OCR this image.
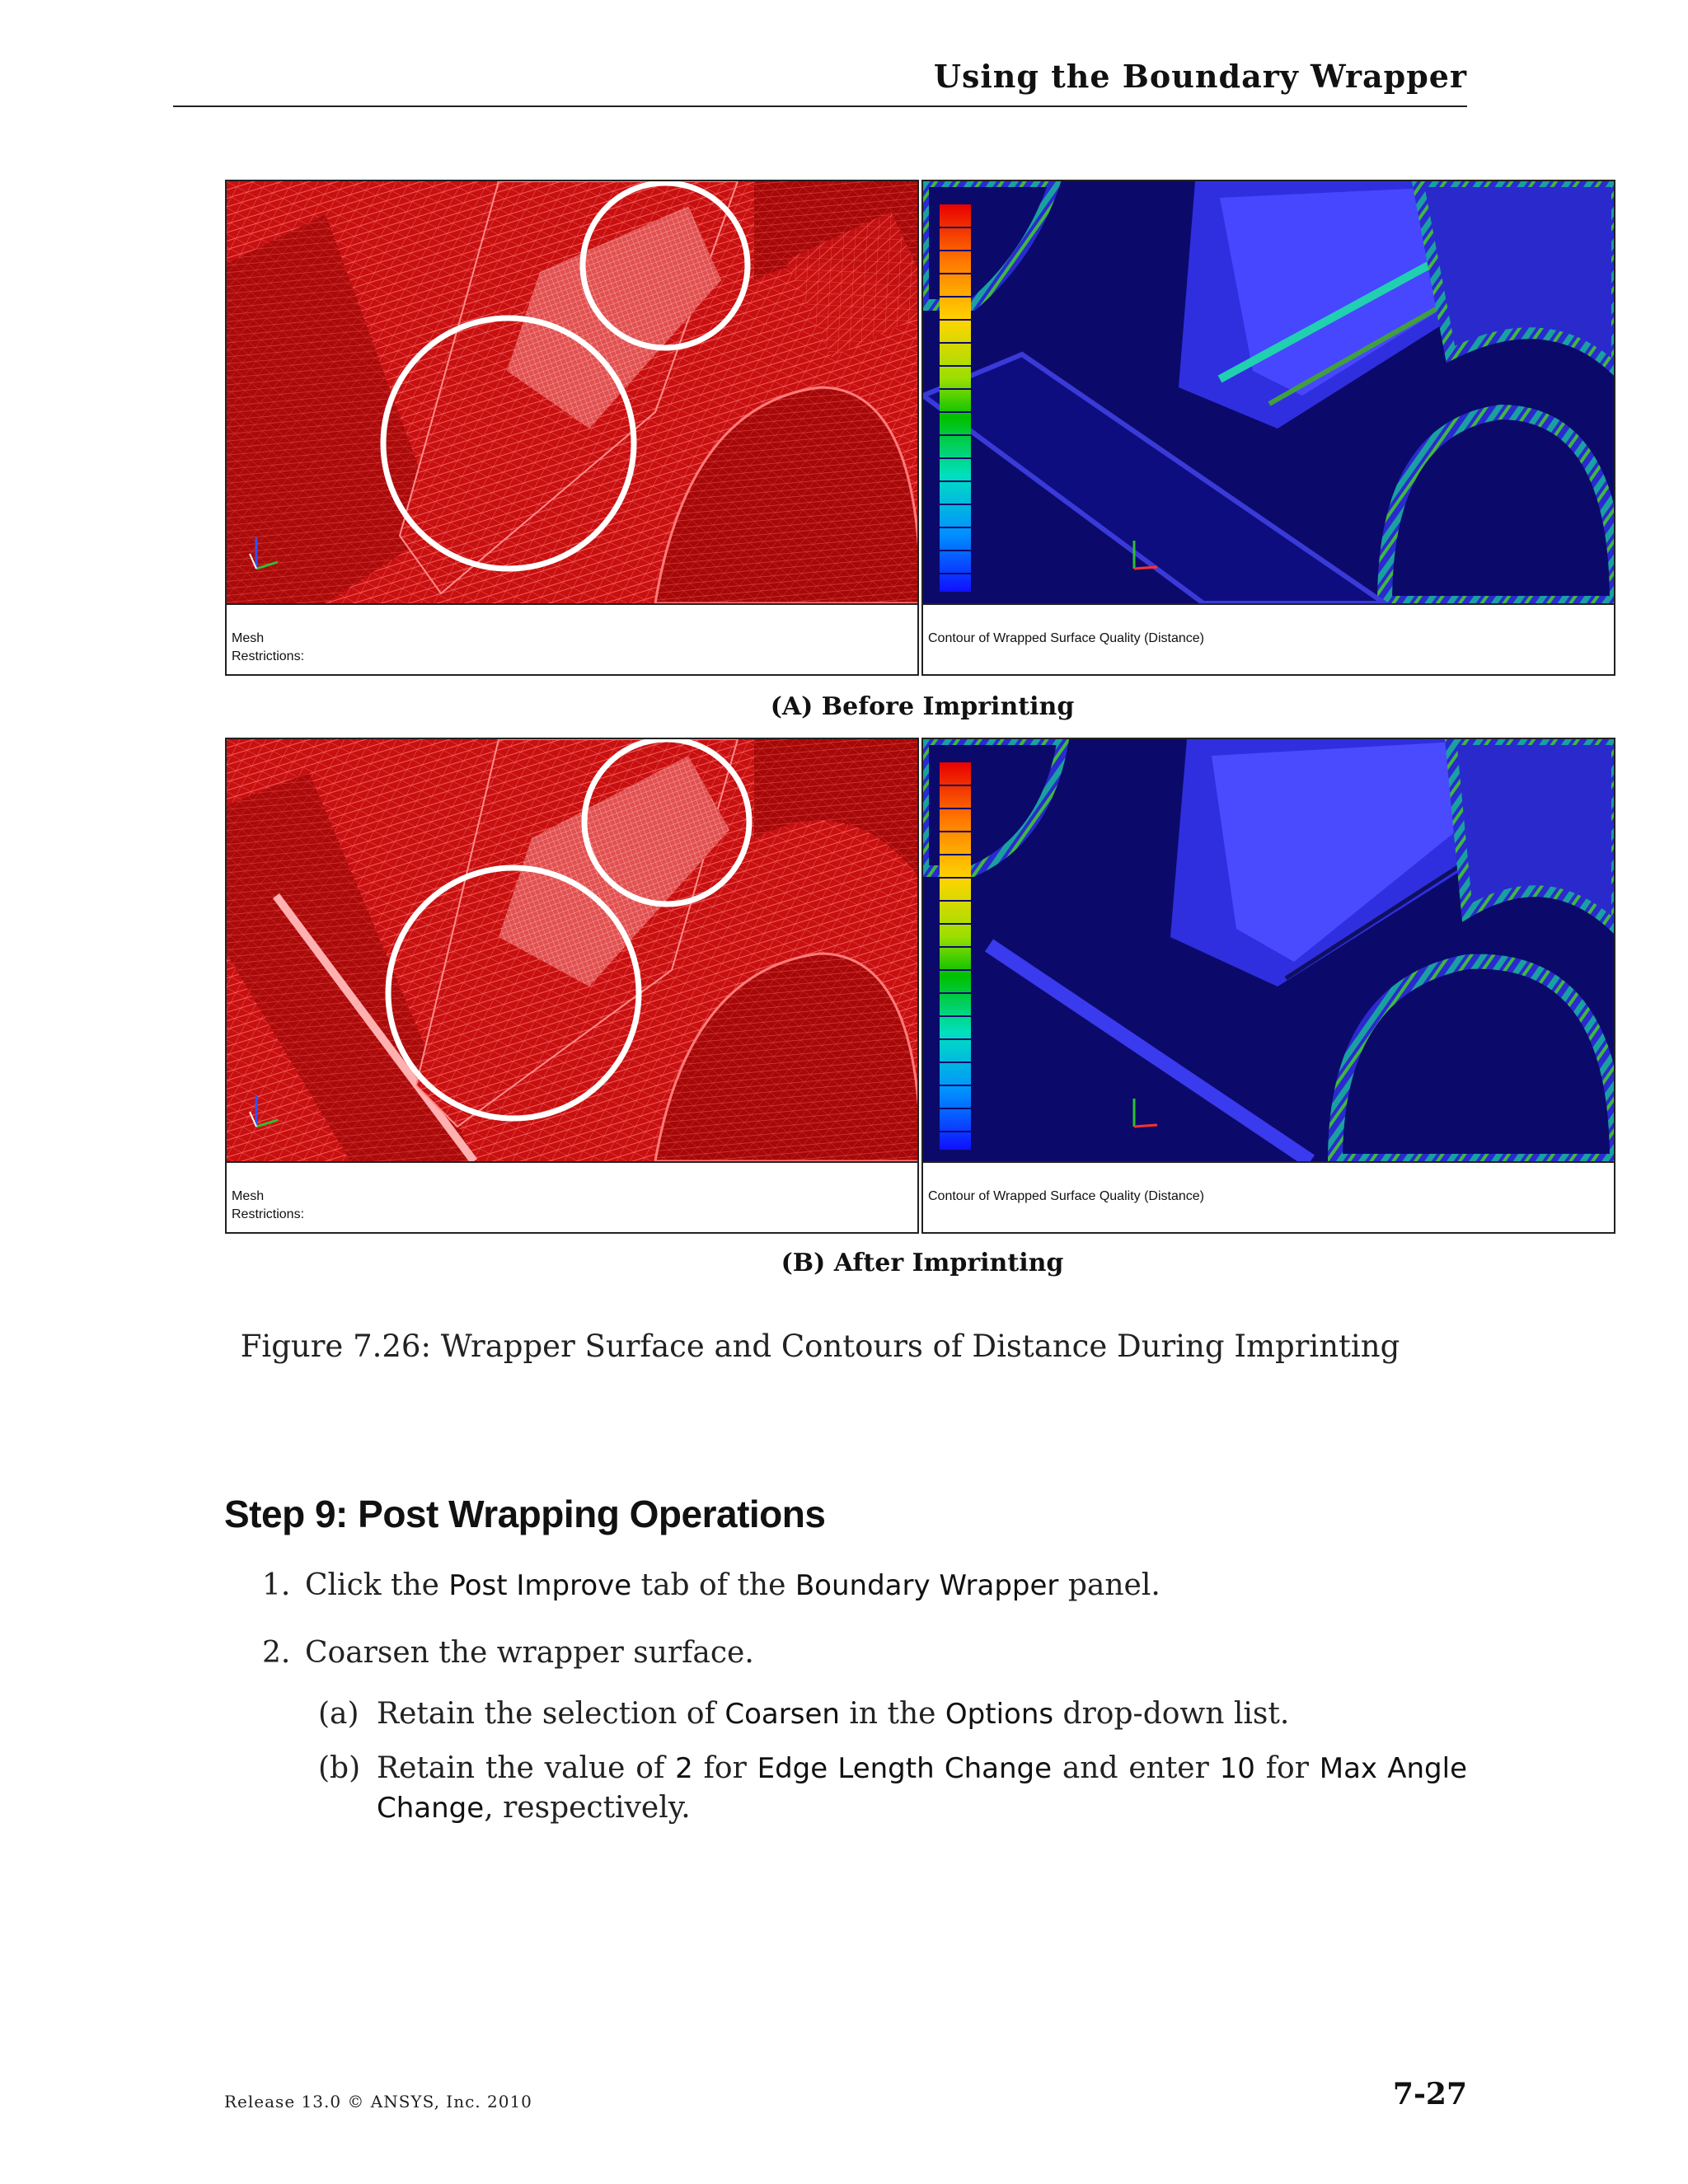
Using the Boundary Wrapper
Mesh
Restrictions:
Contour of Wrapped Surface Quality (Distance)
(A) Before Imprinting
Mesh
Restrictions:
Contour of Wrapped Surface Quality (Distance)
(B) After Imprinting
Figure 7.26: Wrapper Surface and Contours of Distance During Imprinting
Step 9: Post Wrapping Operations
1. Click the Post Improve tab of the Boundary Wrapper panel.
2. Coarsen the wrapper surface.
(a) Retain the selection of Coarsen in the Options drop-down list.
(b) Retain the value of 2 for Edge Length Change and enter 10 for Max Angle
Change, respectively.
Release 13.0 © ANSYS, Inc. 2010	7-27
